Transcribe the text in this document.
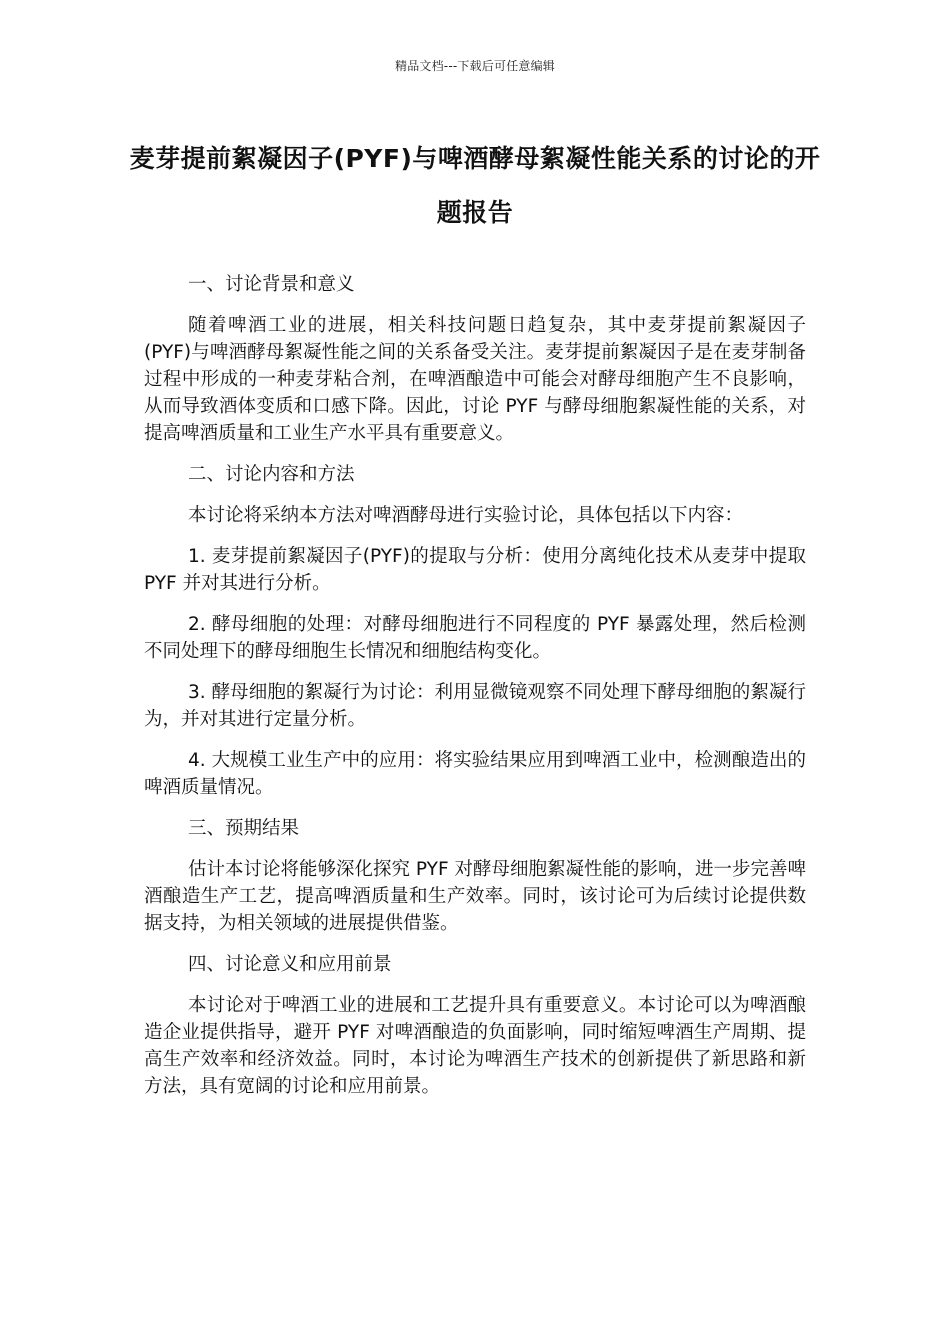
精品文档---下载后可任意编辑
麦芽提前絮凝因子(PYF)与啤酒酵母絮凝性能关系的讨论的开题报告
一、讨论背景和意义
随着啤酒工业的进展，相关科技问题日趋复杂，其中麦芽提前絮凝因子(PYF)与啤酒酵母絮凝性能之间的关系备受关注。麦芽提前絮凝因子是在麦芽制备过程中形成的一种麦芽粘合剂，在啤酒酿造中可能会对酵母细胞产生不良影响，从而导致酒体变质和口感下降。因此，讨论 PYF 与酵母细胞絮凝性能的关系，对提高啤酒质量和工业生产水平具有重要意义。
二、讨论内容和方法
本讨论将采纳本方法对啤酒酵母进行实验讨论，具体包括以下内容：
1. 麦芽提前絮凝因子(PYF)的提取与分析：使用分离纯化技术从麦芽中提取 PYF 并对其进行分析。
2. 酵母细胞的处理：对酵母细胞进行不同程度的 PYF 暴露处理，然后检测不同处理下的酵母细胞生长情况和细胞结构变化。
3. 酵母细胞的絮凝行为讨论：利用显微镜观察不同处理下酵母细胞的絮凝行为，并对其进行定量分析。
4. 大规模工业生产中的应用：将实验结果应用到啤酒工业中，检测酿造出的啤酒质量情况。
三、预期结果
估计本讨论将能够深化探究 PYF 对酵母细胞絮凝性能的影响，进一步完善啤酒酿造生产工艺，提高啤酒质量和生产效率。同时，该讨论可为后续讨论提供数据支持，为相关领域的进展提供借鉴。
四、讨论意义和应用前景
本讨论对于啤酒工业的进展和工艺提升具有重要意义。本讨论可以为啤酒酿造企业提供指导，避开 PYF 对啤酒酿造的负面影响，同时缩短啤酒生产周期、提高生产效率和经济效益。同时，本讨论为啤酒生产技术的创新提供了新思路和新方法，具有宽阔的讨论和应用前景。
